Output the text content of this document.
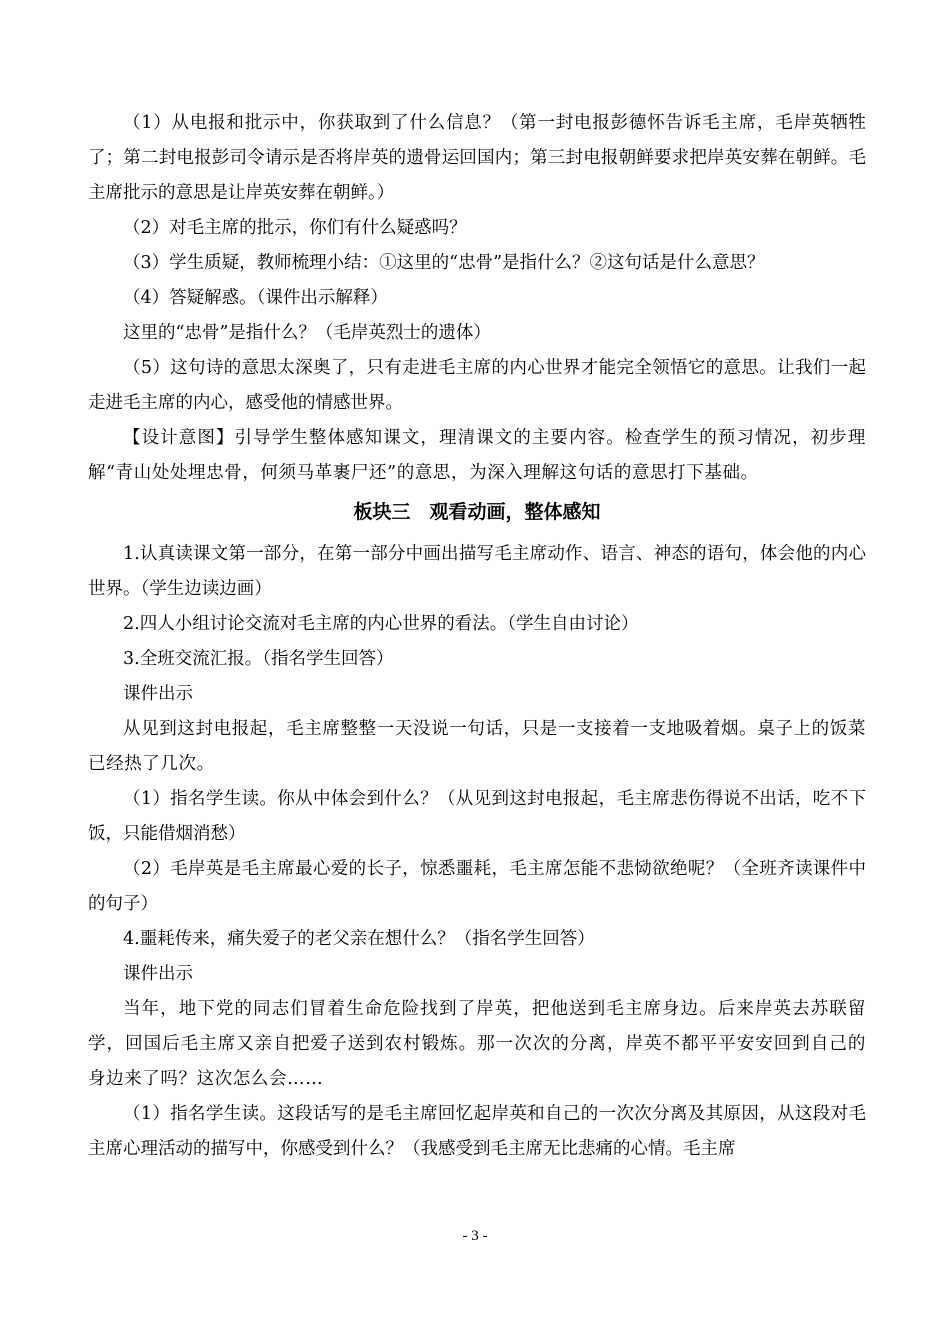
（1）从电报和批示中，你获取到了什么信息？（第一封电报彭德怀告诉毛主席，毛岸英牺牲了；第二封电报彭司令请示是否将岸英的遗骨运回国内；第三封电报朝鲜要求把岸英安葬在朝鲜。毛主席批示的意思是让岸英安葬在朝鲜。）

（2）对毛主席的批示，你们有什么疑惑吗？

（3）学生质疑，教师梳理小结：①这里的“忠骨”是指什么？②这句话是什么意思？

（4）答疑解惑。（课件出示解释）

这里的“忠骨”是指什么？（毛岸英烈士的遗体）

（5）这句诗的意思太深奥了，只有走进毛主席的内心世界才能完全领悟它的意思。让我们一起走进毛主席的内心，感受他的情感世界。

【设计意图】引导学生整体感知课文，理清课文的主要内容。检查学生的预习情况，初步理解“青山处处埋忠骨，何须马革裹尸还”的意思，为深入理解这句话的意思打下基础。

板块三　观看动画，整体感知

1.认真读课文第一部分，在第一部分中画出描写毛主席动作、语言、神态的语句，体会他的内心世界。（学生边读边画）

2.四人小组讨论交流对毛主席的内心世界的看法。（学生自由讨论）

3.全班交流汇报。（指名学生回答）

课件出示

从见到这封电报起，毛主席整整一天没说一句话，只是一支接着一支地吸着烟。桌子上的饭菜已经热了几次。

（1）指名学生读。你从中体会到什么？（从见到这封电报起，毛主席悲伤得说不出话，吃不下饭，只能借烟消愁）

（2）毛岸英是毛主席最心爱的长子，惊悉噩耗，毛主席怎能不悲恸欲绝呢？（全班齐读课件中的句子）

4.噩耗传来，痛失爱子的老父亲在想什么？（指名学生回答）

课件出示

当年，地下党的同志们冒着生命危险找到了岸英，把他送到毛主席身边。后来岸英去苏联留学，回国后毛主席又亲自把爱子送到农村锻炼。那一次次的分离，岸英不都平平安安回到自己的身边来了吗？这次怎么会……

（1）指名学生读。这段话写的是毛主席回忆起岸英和自己的一次次分离及其原因，从这段对毛主席心理活动的描写中，你感受到什么？（我感受到毛主席无比悲痛的心情。毛主席

- 3 -
